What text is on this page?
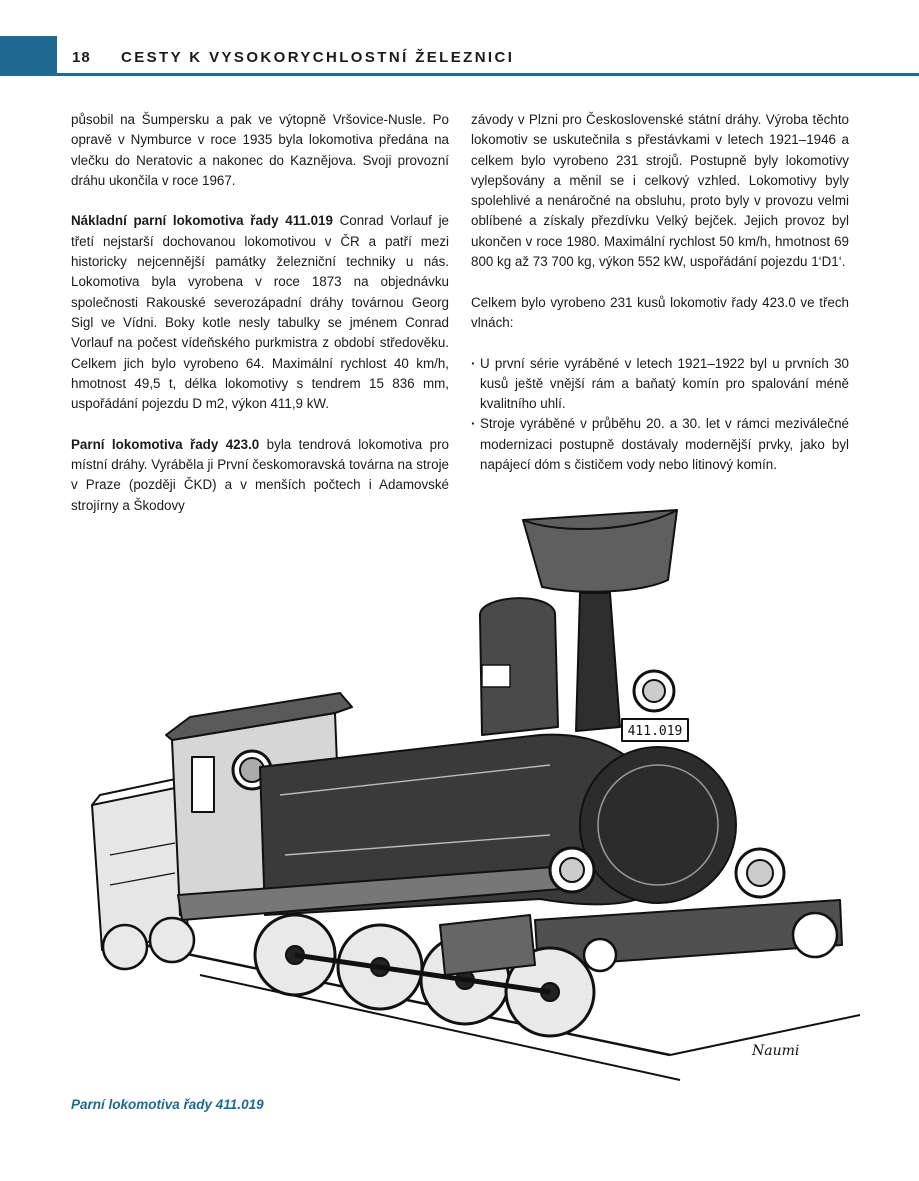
18 CESTY K VYSOKORYCHLOSTNÍ ŽELEZNICI

působil na Šumpersku a pak ve výtopně Vršovice-Nusle. Po opravě v Nymburce v roce 1935 byla lokomotiva předána na vlečku do Neratovic a nakonec do Kaznějova. Svoji provozní dráhu ukončila v roce 1967.

Nákladní parní lokomotiva řady 411.019 Conrad Vorlauf je třetí nejstarší dochovanou lokomotivou v ČR a patří mezi historicky nejcennější památky železniční techniky u nás. Lokomotiva byla vyrobena v roce 1873 na objednávku společnosti Rakouské severozápadní dráhy továrnou Georg Sigl ve Vídni. Boky kotle nesly tabulky se jménem Conrad Vorlauf na počest vídeňského purkmistra z období středověku. Celkem jich bylo vyrobeno 64. Maximální rychlost 40 km/h, hmotnost 49,5 t, délka lokomotivy s tendrem 15 836 mm, uspořádání pojezdu D m2, výkon 411,9 kW.

Parní lokomotiva řady 423.0 byla tendrová lokomotiva pro místní dráhy. Vyráběla ji První českomoravská továrna na stroje v Praze (později ČKD) a v menších počtech i Adamovské strojírny a Škodovy

závody v Plzni pro Československé státní dráhy. Výroba těchto lokomotiv se uskutečnila s přestávkami v letech 1921–1946 a celkem bylo vyrobeno 231 strojů. Postupně byly lokomotivy vylepšovány a měnil se i celkový vzhled. Lokomotivy byly spolehlivé a nenáročné na obsluhu, proto byly v provozu velmi oblíbené a získaly přezdívku Velký bejček. Jejich provoz byl ukončen v roce 1980. Maximální rychlost 50 km/h, hmotnost 69 800 kg až 73 700 kg, výkon 552 kW, uspořádání pojezdu 1‘D1‘.

Celkem bylo vyrobeno 231 kusů lokomotiv řady 423.0 ve třech vlnách:

· U první série vyráběné v letech 1921–1922 byl u prvních 30 kusů ještě vnější rám a baňatý komín pro spalování méně kvalitního uhlí.
· Stroje vyráběné v průběhu 20. a 30. let v rámci meziválečné modernizaci postupně dostávaly modernější prvky, jako byl napájecí dóm s čističem vody nebo litinový komín.
411.019
Naumi
Parní lokomotiva řady 411.019
